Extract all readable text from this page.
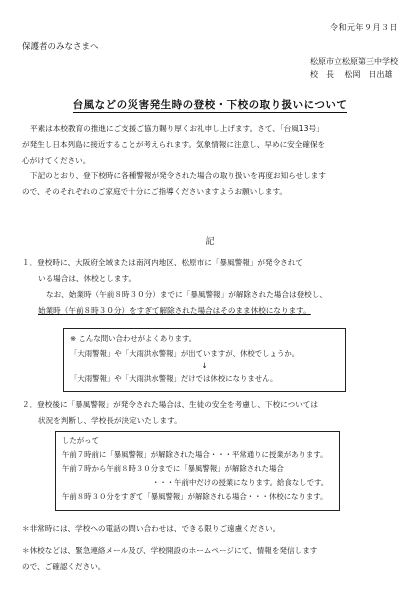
令和元年９月３日
保護者のみなさまへ
松原市立松原第三中学校
校　長　 松岡　日出雄
台風などの災害発生時の登校・下校の取り扱いについて

平素は本校教育の推進にご支援ご協力賜り厚くお礼申し上げます。さて、「台風13号」

が発生し日本列島に接近することが考えられます。気象情報に注意し、早めに安全確保を
心がけてください。

下記のとおり、登下校時に各種警報が発令された場合の取り扱いを再度お知らせします

ので、そのそれぞれのご家庭で十分にご指導くださいますようお願いします。
記
１．登校時に、大阪府全域または南河内地区、松原市に「暴風警報」が発令されて
いる場合は、休校とします。
なお、始業時（午前８時３０分）までに「暴風警報」が解除された場合は登校し、
始業時（午前８時３０分）をすぎて解除された場合はそのまま休校になります。
※ こんな問い合わせがよくあります。
「大雨警報」や「大雨洪水警報」が出ていますが、休校でしょうか。
↓
「大雨警報」や「大雨洪水警報」だけでは休校になりません。
２．登校後に「暴風警報」が発令された場合は、生徒の安全を考慮し、下校については
状況を判断し、学校長が決定いたします。
したがって
午前７時前に「暴風警報」が解除された場合・・・平常通りに授業があります。
午前７時から午前８時３０分までに「暴風警報」が解除された場合
・・・午前中だけの授業になります。給食なしです。
午前８時３０分をすぎて「暴風警報」が解除される場合・・・休校になります。
＊非常時には、学校への電話の問い合わせは、できる限りご遠慮ください。
＊休校などは、緊急連絡メール及び、学校開設のホームページにて、情報を発信します
ので、ご確認ください。
